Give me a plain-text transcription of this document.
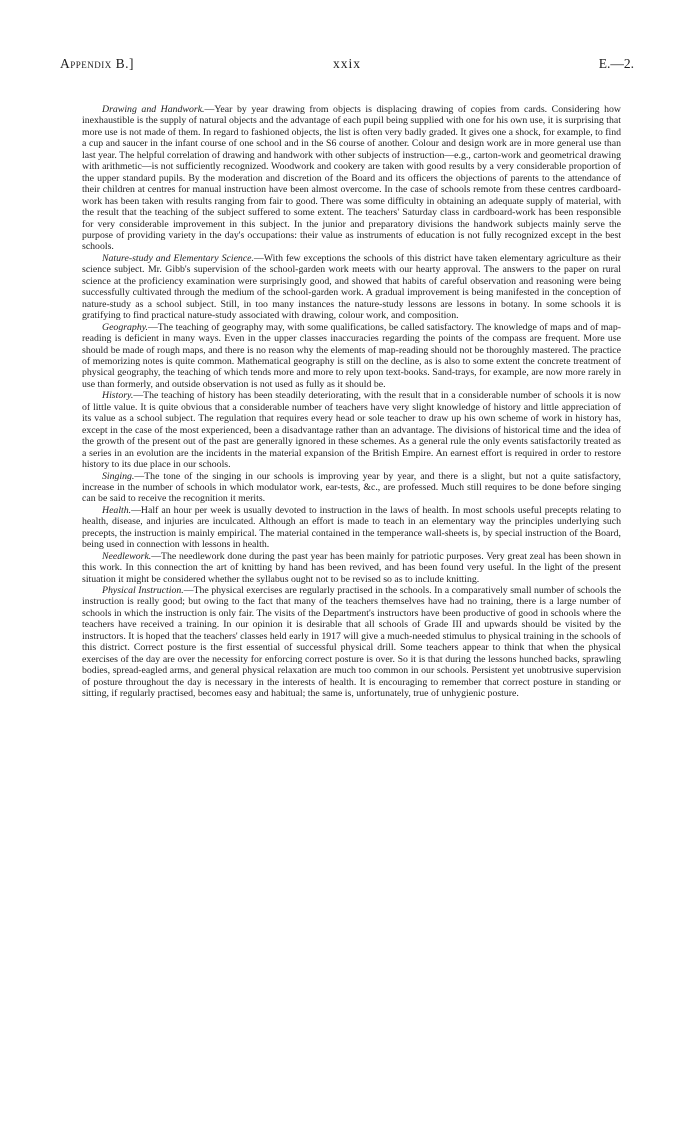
Appendix B.]	xxix	E.—2.

Drawing and Handwork.—Year by year drawing from objects is displacing drawing of copies from cards. Considering how inexhaustible is the supply of natural objects and the advantage of each pupil being supplied with one for his own use, it is surprising that more use is not made of them. In regard to fashioned objects, the list is often very badly graded. It gives one a shock, for example, to find a cup and saucer in the infant course of one school and in the S6 course of another. Colour and design work are in more general use than last year. The helpful correlation of drawing and handwork with other subjects of instruction—e.g., carton-work and geometrical drawing with arithmetic—is not sufficiently recognized. Woodwork and cookery are taken with good results by a very considerable proportion of the upper standard pupils. By the moderation and discretion of the Board and its officers the objections of parents to the attendance of their children at centres for manual instruction have been almost overcome. In the case of schools remote from these centres cardboard-work has been taken with results ranging from fair to good. There was some difficulty in obtaining an adequate supply of material, with the result that the teaching of the subject suffered to some extent. The teachers' Saturday class in cardboard-work has been responsible for very considerable improvement in this subject. In the junior and preparatory divisions the handwork subjects mainly serve the purpose of providing variety in the day's occupations: their value as instruments of education is not fully recognized except in the best schools.

Nature-study and Elementary Science.—With few exceptions the schools of this district have taken elementary agriculture as their science subject. Mr. Gibb's supervision of the school-garden work meets with our hearty approval. The answers to the paper on rural science at the proficiency examination were surprisingly good, and showed that habits of careful observation and reasoning were being successfully cultivated through the medium of the school-garden work. A gradual improvement is being manifested in the conception of nature-study as a school subject. Still, in too many instances the nature-study lessons are lessons in botany. In some schools it is gratifying to find practical nature-study associated with drawing, colour work, and composition.

Geography.—The teaching of geography may, with some qualifications, be called satisfactory. The knowledge of maps and of map-reading is deficient in many ways. Even in the upper classes inaccuracies regarding the points of the compass are frequent. More use should be made of rough maps, and there is no reason why the elements of map-reading should not be thoroughly mastered. The practice of memorizing notes is quite common. Mathematical geography is still on the decline, as is also to some extent the concrete treatment of physical geography, the teaching of which tends more and more to rely upon text-books. Sand-trays, for example, are now more rarely in use than formerly, and outside observation is not used as fully as it should be.

History.—The teaching of history has been steadily deteriorating, with the result that in a considerable number of schools it is now of little value. It is quite obvious that a considerable number of teachers have very slight knowledge of history and little appreciation of its value as a school subject. The regulation that requires every head or sole teacher to draw up his own scheme of work in history has, except in the case of the most experienced, been a disadvantage rather than an advantage. The divisions of historical time and the idea of the growth of the present out of the past are generally ignored in these schemes. As a general rule the only events satisfactorily treated as a series in an evolution are the incidents in the material expansion of the British Empire. An earnest effort is required in order to restore history to its due place in our schools.

Singing.—The tone of the singing in our schools is improving year by year, and there is a slight, but not a quite satisfactory, increase in the number of schools in which modulator work, ear-tests, &c., are professed. Much still requires to be done before singing can be said to receive the recognition it merits.

Health.—Half an hour per week is usually devoted to instruction in the laws of health. In most schools useful precepts relating to health, disease, and injuries are inculcated. Although an effort is made to teach in an elementary way the principles underlying such precepts, the instruction is mainly empirical. The material contained in the temperance wall-sheets is, by special instruction of the Board, being used in connection with lessons in health.

Needlework.—The needlework done during the past year has been mainly for patriotic purposes. Very great zeal has been shown in this work. In this connection the art of knitting by hand has been revived, and has been found very useful. In the light of the present situation it might be considered whether the syllabus ought not to be revised so as to include knitting.

Physical Instruction.—The physical exercises are regularly practised in the schools. In a comparatively small number of schools the instruction is really good; but owing to the fact that many of the teachers themselves have had no training, there is a large number of schools in which the instruction is only fair. The visits of the Department's instructors have been productive of good in schools where the teachers have received a training. In our opinion it is desirable that all schools of Grade III and upwards should be visited by the instructors. It is hoped that the teachers' classes held early in 1917 will give a much-needed stimulus to physical training in the schools of this district. Correct posture is the first essential of successful physical drill. Some teachers appear to think that when the physical exercises of the day are over the necessity for enforcing correct posture is over. So it is that during the lessons hunched backs, sprawling bodies, spread-eagled arms, and general physical relaxation are much too common in our schools. Persistent yet unobtrusive supervision of posture throughout the day is necessary in the interests of health. It is encouraging to remember that correct posture in standing or sitting, if regularly practised, becomes easy and habitual; the same is, unfortunately, true of unhygienic posture.
